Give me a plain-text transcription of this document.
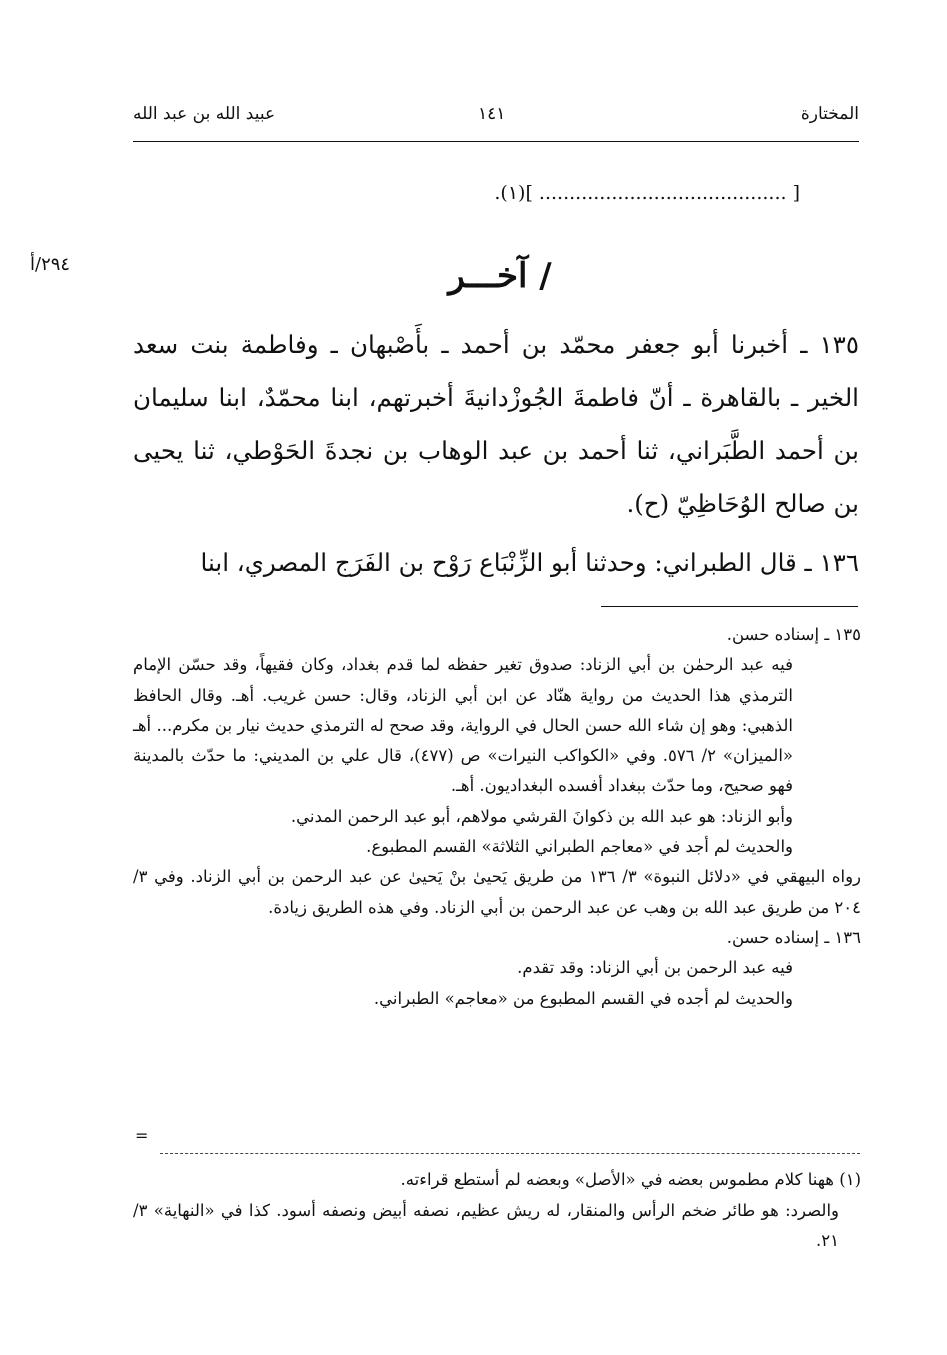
عبيد الله بن عبد الله	١٤١	المختارة
[ ......................................... ](١).
٢٩٤/أ	/ آخـــر

١٣٥ ـ أخبرنا أبو جعفر محمّد بن أحمد ـ بأَصْبهان ـ وفاطمة بنت سعد الخير ـ بالقاهرة ـ أنّ فاطمةَ الجُوزْدانيةَ أخبرتهم، ابنا محمّدٌ، ابنا سليمان بن أحمد الطَّبَراني، ثنا أحمد بن عبد الوهاب بن نجدةَ الحَوْطي، ثنا يحيى بن صالح الوُحَاظِيّ (ح).

١٣٦ ـ قال الطبراني: وحدثنا أبو الزِّنْبَاع رَوْح بن الفَرَج المصري، ابنا

١٣٥ ـ إسناده حسن.

فيه عبد الرحمٰن بن أبي الزناد: صدوق تغير حفظه لما قدم بغداد، وكان فقيهاً، وقد حسّن الإمام الترمذي هذا الحديث من رواية هنّاد عن ابن أبي الزناد، وقال: حسن غريب. أهـ. وقال الحافظ الذهبي: وهو إن شاء الله حسن الحال في الرواية، وقد صحح له الترمذي حديث نيار بن مكرم... أهـ «الميزان» ٢/ ٥٧٦. وفي «الكواكب النيرات» ص (٤٧٧)، قال علي بن المديني: ما حدّث بالمدينة فهو صحيح، وما حدّث ببغداد أفسده البغداديون. أهـ.

وأبو الزناد: هو عبد الله بن ذكوانَ القرشي مولاهم، أبو عبد الرحمن المدني.

والحديث لم أجد في «معاجم الطبراني الثلاثة» القسم المطبوع.

رواه البيهقي في «دلائل النبوة» ٣/ ١٣٦ من طريق يَحيىٰ بنْ يَحيىٰ عن عبد الرحمن بن أبي الزناد. وفي ٣/ ٢٠٤ من طريق عبد الله بن وهب عن عبد الرحمن بن أبي الزناد. وفي هذه الطريق زيادة.

١٣٦ ـ إسناده حسن.

فيه عبد الرحمن بن أبي الزناد: وقد تقدم.

والحديث لم أجده في القسم المطبوع من «معاجم» الطبراني.

=

(١) ههنا كلام مطموس بعضه في «الأصل» وبعضه لم أستطع قراءته.

والصرد: هو طائر ضخم الرأس والمنقار، له ريش عظيم، نصفه أبيض ونصفه أسود. كذا في «النهاية» ٣/ ٢١.
